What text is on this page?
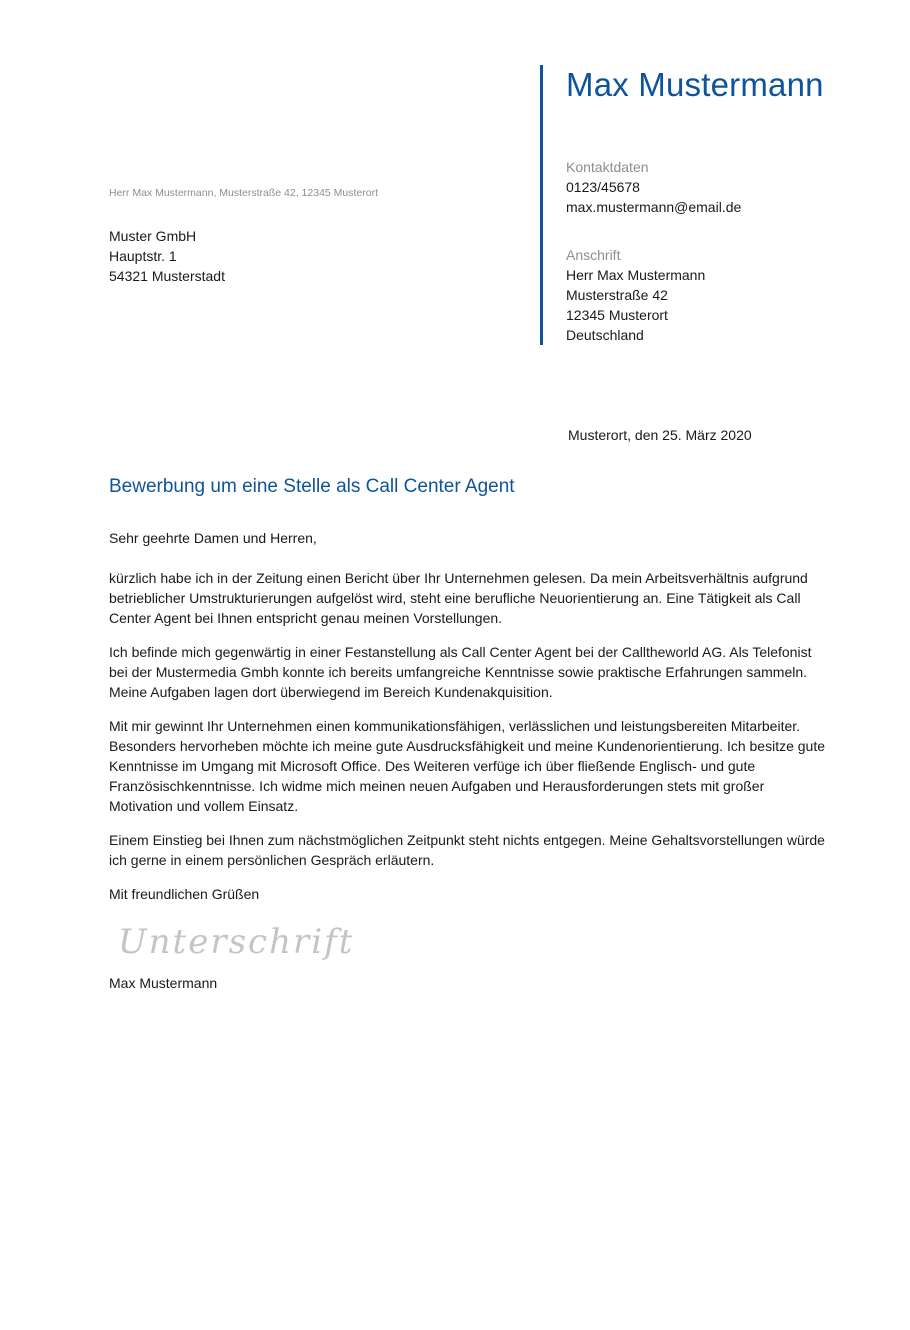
Max Mustermann
Kontaktdaten
0123/45678
max.mustermann@email.de
Anschrift
Herr Max Mustermann
Musterstraße 42
12345 Musterort
Deutschland
Herr Max Mustermann, Musterstraße 42, 12345 Musterort
Muster GmbH
Hauptstr. 1
54321 Musterstadt
Musterort, den 25. März 2020
Bewerbung um eine Stelle als Call Center Agent
Sehr geehrte Damen und Herren,

kürzlich habe ich in der Zeitung einen Bericht über Ihr Unternehmen gelesen. Da mein Arbeitsverhältnis aufgrund betrieblicher Umstrukturierungen aufgelöst wird, steht eine berufliche Neuorientierung an. Eine Tätigkeit als Call Center Agent bei Ihnen entspricht genau meinen Vorstellungen.

Ich befinde mich gegenwärtig in einer Festanstellung als Call Center Agent bei der Calltheworld AG. Als Telefonist bei der Mustermedia Gmbh konnte ich bereits umfangreiche Kenntnisse sowie praktische Erfahrungen sammeln. Meine Aufgaben lagen dort überwiegend im Bereich Kundenakquisition.

Mit mir gewinnt Ihr Unternehmen einen kommunikationsfähigen, verlässlichen und leistungsbereiten Mitarbeiter. Besonders hervorheben möchte ich meine gute Ausdrucksfähigkeit und meine Kundenorientierung. Ich besitze gute Kenntnisse im Umgang mit Microsoft Office. Des Weiteren verfüge ich über fließende Englisch- und gute Französischkenntnisse. Ich widme mich meinen neuen Aufgaben und Herausforderungen stets mit großer Motivation und vollem Einsatz.

Einem Einstieg bei Ihnen zum nächstmöglichen Zeitpunkt steht nichts entgegen. Meine Gehaltsvorstellungen würde ich gerne in einem persönlichen Gespräch erläutern.

Mit freundlichen Grüßen
Unterschrift
Max Mustermann
